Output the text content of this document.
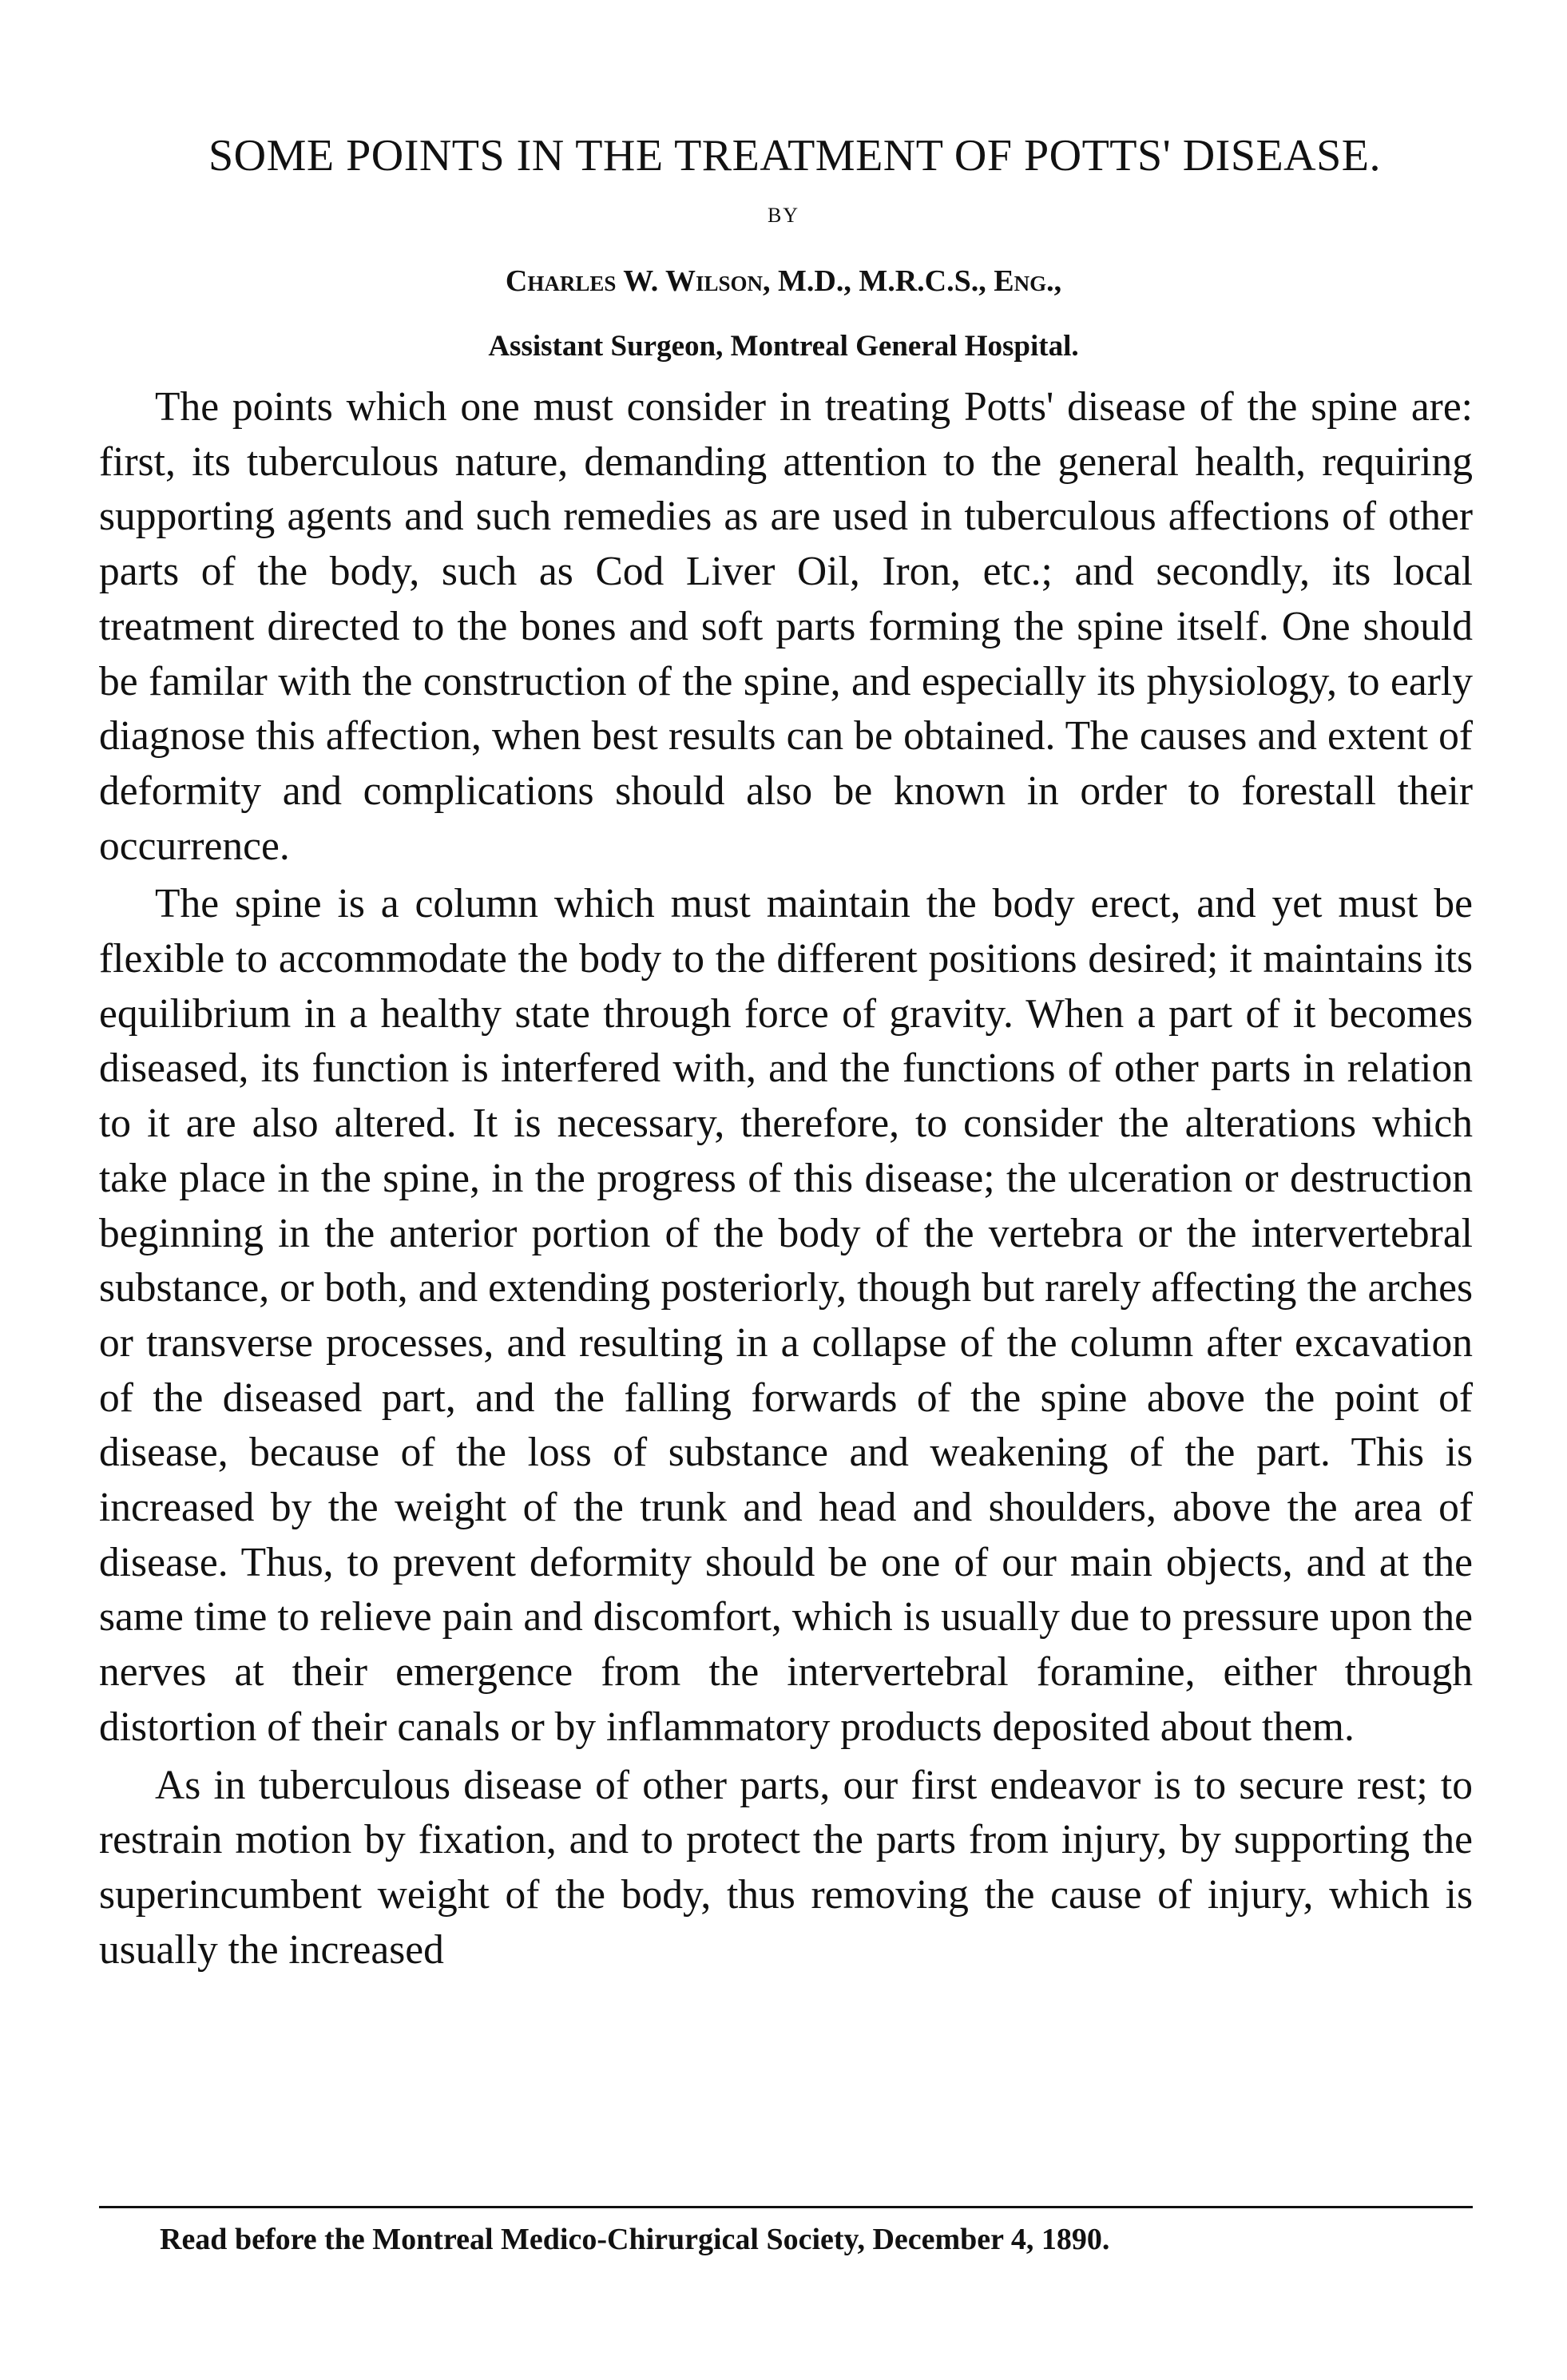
SOME POINTS IN THE TREATMENT OF POTTS' DISEASE.
BY
Charles W. Wilson, M.D., M.R.C.S., Eng.,
Assistant Surgeon, Montreal General Hospital.

The points which one must consider in treating Potts' disease of the spine are: first, its tuberculous nature, demanding attention to the general health, requiring supporting agents and such remedies as are used in tuberculous affections of other parts of the body, such as Cod Liver Oil, Iron, etc.; and secondly, its local treatment directed to the bones and soft parts forming the spine itself. One should be familar with the construction of the spine, and especially its physiology, to early diagnose this affection, when best results can be obtained. The causes and extent of deformity and complications should also be known in order to forestall their occurrence.

The spine is a column which must maintain the body erect, and yet must be flexible to accommodate the body to the different positions desired; it maintains its equilibrium in a healthy state through force of gravity. When a part of it becomes diseased, its function is interfered with, and the functions of other parts in relation to it are also altered. It is necessary, therefore, to consider the alterations which take place in the spine, in the progress of this disease; the ulceration or destruction beginning in the anterior portion of the body of the vertebra or the intervertebral substance, or both, and extending posteriorly, though but rarely affecting the arches or transverse processes, and resulting in a collapse of the column after excavation of the diseased part, and the falling forwards of the spine above the point of disease, because of the loss of substance and weakening of the part. This is increased by the weight of the trunk and head and shoulders, above the area of disease. Thus, to prevent deformity should be one of our main objects, and at the same time to relieve pain and discomfort, which is usually due to pressure upon the nerves at their emergence from the intervertebral foramine, either through distortion of their canals or by inflammatory products deposited about them.

As in tuberculous disease of other parts, our first endeavor is to secure rest; to restrain motion by fixation, and to protect the parts from injury, by supporting the superincumbent weight of the body, thus removing the cause of injury, which is usually the increased

Read before the Montreal Medico-Chirurgical Society, December 4, 1890.
